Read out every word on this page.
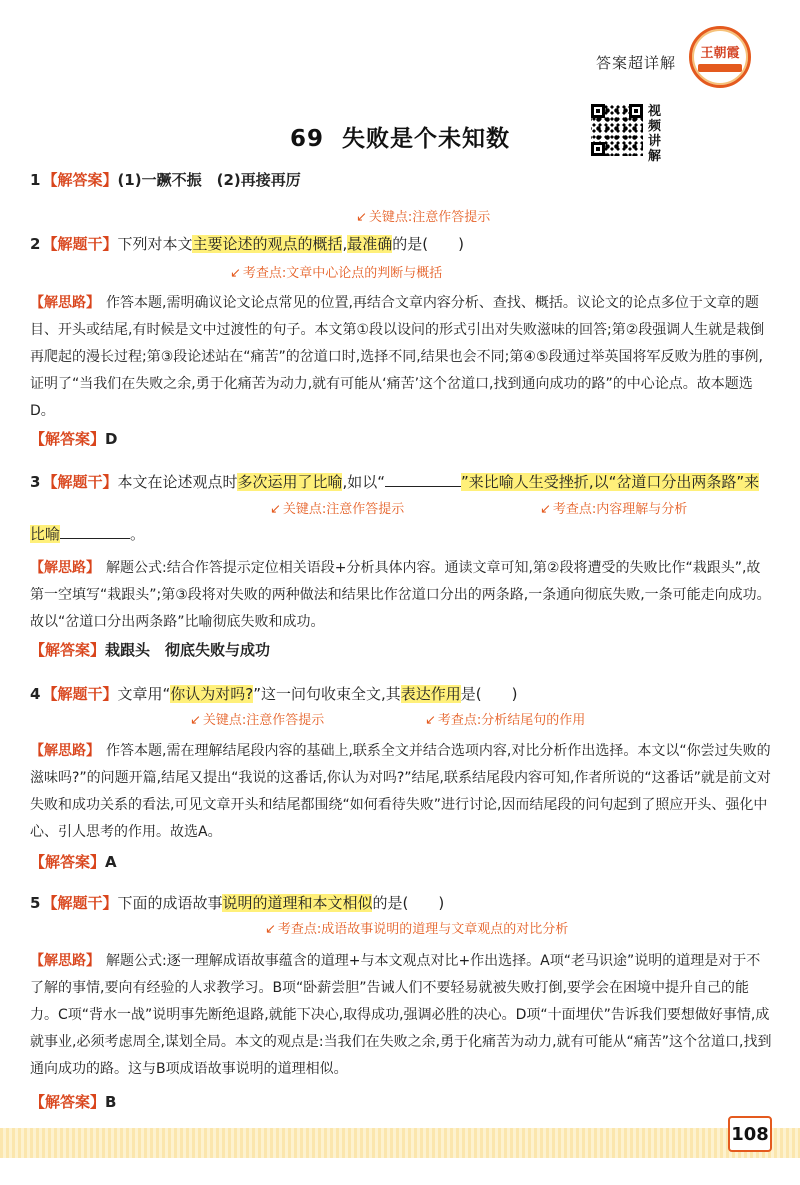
答案超详解
王朝霞
69 失败是个未知数
视频讲解
1 【解答案】(1)一蹶不振　(2)再接再厉
↙ 关键点:注意作答提示
2 【解题干】下列对本文主要论述的观点的概括,最准确的是(　　)
↙ 考查点:文章中心论点的判断与概括
【解思路】 作答本题,需明确议论文论点常见的位置,再结合文章内容分析、查找、概括。议论文的论点多位于文章的题目、开头或结尾,有时候是文中过渡性的句子。本文第①段以设问的形式引出对失败滋味的回答;第②段强调人生就是栽倒再爬起的漫长过程;第③段论述站在“痛苦”的岔道口时,选择不同,结果也会不同;第④⑤段通过举英国将军反败为胜的事例,证明了“当我们在失败之余,勇于化痛苦为动力,就有可能从‘痛苦’这个岔道口,找到通向成功的路”的中心论点。故本题选D。
【解答案】D
3 【解题干】本文在论述观点时多次运用了比喻,如以“	”来比喻人生受挫折,以“岔道口分出两条路”来
↙ 关键点:注意作答提示	↙ 考查点:内容理解与分析
比喻	。
【解思路】 解题公式:结合作答提示定位相关语段+分析具体内容。通读文章可知,第②段将遭受的失败比作“栽跟头”,故第一空填写“栽跟头”;第③段将对失败的两种做法和结果比作岔道口分出的两条路,一条通向彻底失败,一条可能走向成功。故以“岔道口分出两条路”比喻彻底失败和成功。
【解答案】栽跟头　彻底失败与成功
4 【解题干】文章用“你认为对吗?”这一问句收束全文,其表达作用是(　　)
↙ 关键点:注意作答提示	↙ 考查点:分析结尾句的作用
【解思路】 作答本题,需在理解结尾段内容的基础上,联系全文并结合选项内容,对比分析作出选择。本文以“你尝过失败的滋味吗?”的问题开篇,结尾又提出“我说的这番话,你认为对吗?”结尾,联系结尾段内容可知,作者所说的“这番话”就是前文对失败和成功关系的看法,可见文章开头和结尾都围绕“如何看待失败”进行讨论,因而结尾段的问句起到了照应开头、强化中心、引人思考的作用。故选A。
【解答案】A
5 【解题干】下面的成语故事说明的道理和本文相似的是(　　)
↙ 考查点:成语故事说明的道理与文章观点的对比分析
【解思路】 解题公式:逐一理解成语故事蕴含的道理+与本文观点对比+作出选择。A项“老马识途”说明的道理是对于不了解的事情,要向有经验的人求教学习。B项“卧薪尝胆”告诫人们不要轻易就被失败打倒,要学会在困境中提升自己的能力。C项“背水一战”说明事先断绝退路,就能下决心,取得成功,强调必胜的决心。D项“十面埋伏”告诉我们要想做好事情,成就事业,必须考虑周全,谋划全局。本文的观点是:当我们在失败之余,勇于化痛苦为动力,就有可能从“痛苦”这个岔道口,找到通向成功的路。这与B项成语故事说明的道理相似。
【解答案】B
108
